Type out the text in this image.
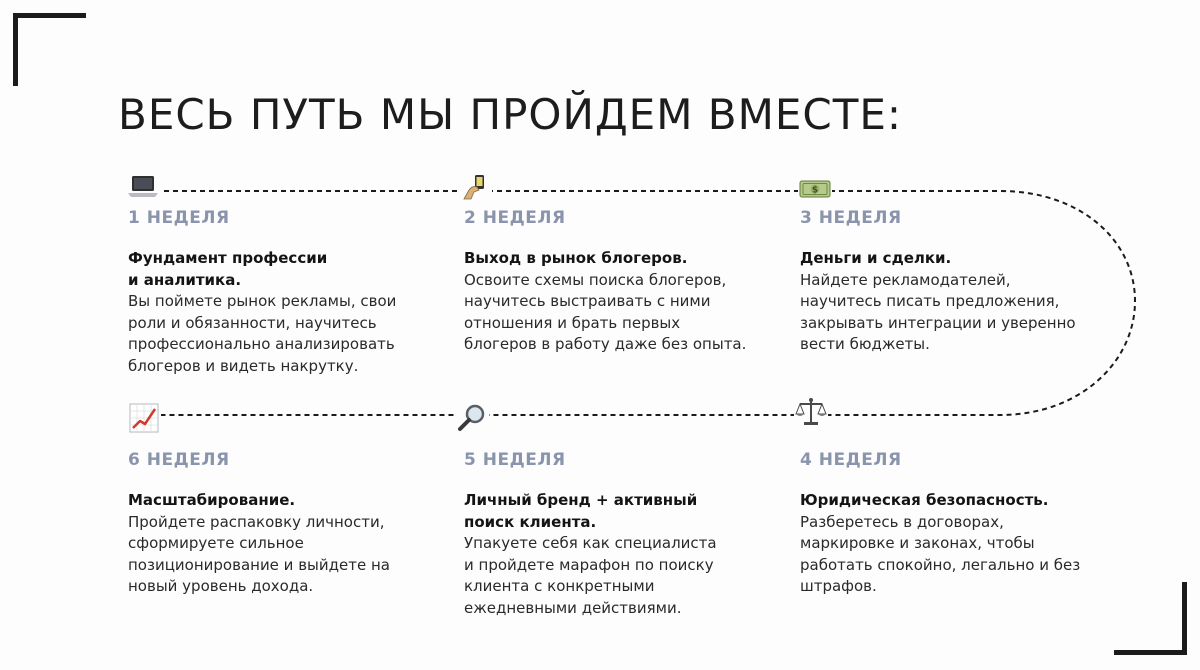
ВЕСЬ ПУТЬ МЫ ПРОЙДЕМ ВМЕСТЕ:
1 НЕДЕЛЯ
Фундамент профессии
и аналитика.
Вы поймете рынок рекламы, свои
роли и обязанности, научитесь
профессионально анализировать
блогеров и видеть накрутку.
2 НЕДЕЛЯ
Выход в рынок блогеров.
Освоите схемы поиска блогеров,
научитесь выстраивать с ними
отношения и брать первых
блогеров в работу даже без опыта.
$
3 НЕДЕЛЯ
Деньги и сделки.
Найдете рекламодателей,
научитесь писать предложения,
закрывать интеграции и уверенно
вести бюджеты.
4 НЕДЕЛЯ
Юридическая безопасность.
Разберетесь в договорах,
маркировке и законах, чтобы
работать спокойно, легально и без
штрафов.
5 НЕДЕЛЯ
Личный бренд + активный
поиск клиента.
Упакуете себя как специалиста
и пройдете марафон по поиску
клиента с конкретными
ежедневными действиями.
6 НЕДЕЛЯ
Масштабирование.
Пройдете распаковку личности,
сформируете сильное
позиционирование и выйдете на
новый уровень дохода.
